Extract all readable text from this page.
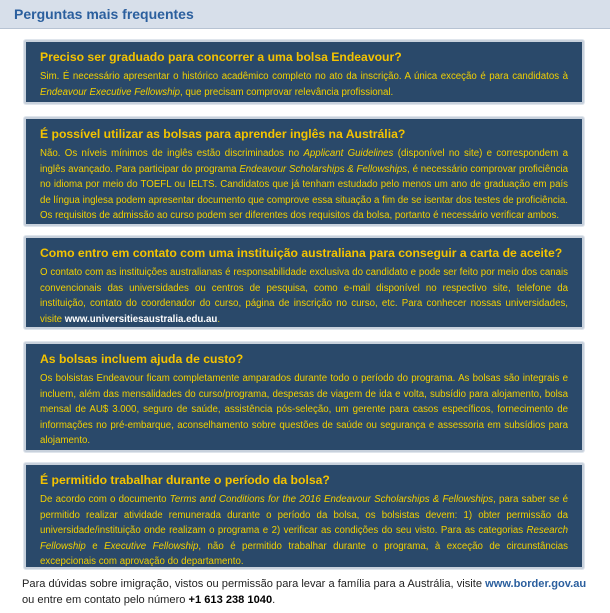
Perguntas mais frequentes

Preciso ser graduado para concorrer a uma bolsa Endeavour?

Sim. É necessário apresentar o histórico acadêmico completo no ato da inscrição. A única exceção é para candidatos à Endeavour Executive Fellowship, que precisam comprovar relevância profissional.

É possível utilizar as bolsas para aprender inglês na Austrália?

Não. Os níveis mínimos de inglês estão discriminados no Applicant Guidelines (disponível no site) e correspondem a inglês avançado. Para participar do programa Endeavour Scholarships & Fellowships, é necessário comprovar proficiência no idioma por meio do TOEFL ou IELTS. Candidatos que já tenham estudado pelo menos um ano de graduação em país de língua inglesa podem apresentar documento que comprove essa situação a fim de se isentar dos testes de proficiência. Os requisitos de admissão ao curso podem ser diferentes dos requisitos da bolsa, portanto é necessário verificar ambos.

Como entro em contato com uma instituição australiana para conseguir a carta de aceite?

O contato com as instituições australianas é responsabilidade exclusiva do candidato e pode ser feito por meio dos canais convencionais das universidades ou centros de pesquisa, como e-mail disponível no respectivo site, telefone da instituição, contato do coordenador do curso, página de inscrição no curso, etc. Para conhecer nossas universidades, visite www.universitiesaustralia.edu.au.

As bolsas incluem ajuda de custo?

Os bolsistas Endeavour ficam completamente amparados durante todo o período do programa. As bolsas são integrais e incluem, além das mensalidades do curso/programa, despesas de viagem de ida e volta, subsídio para alojamento, bolsa mensal de AU$ 3.000, seguro de saúde, assistência pós-seleção, um gerente para casos específicos, fornecimento de informações no pré-embarque, aconselhamento sobre questões de saúde ou segurança e assessoria em subsídios para alojamento.

É permitido trabalhar durante o período da bolsa?

De acordo com o documento Terms and Conditions for the 2016 Endeavour Scholarships & Fellowships, para saber se é permitido realizar atividade remunerada durante o período da bolsa, os bolsistas devem: 1) obter permissão da universidade/instituição onde realizam o programa e 2) verificar as condições do seu visto. Para as categorias Research Fellowship e Executive Fellowship, não é permitido trabalhar durante o programa, à exceção de circunstâncias excepcionais com aprovação do departamento.

Para dúvidas sobre imigração, vistos ou permissão para levar a família para a Austrália, visite www.border.gov.au ou entre em contato pelo número +1 613 238 1040.
